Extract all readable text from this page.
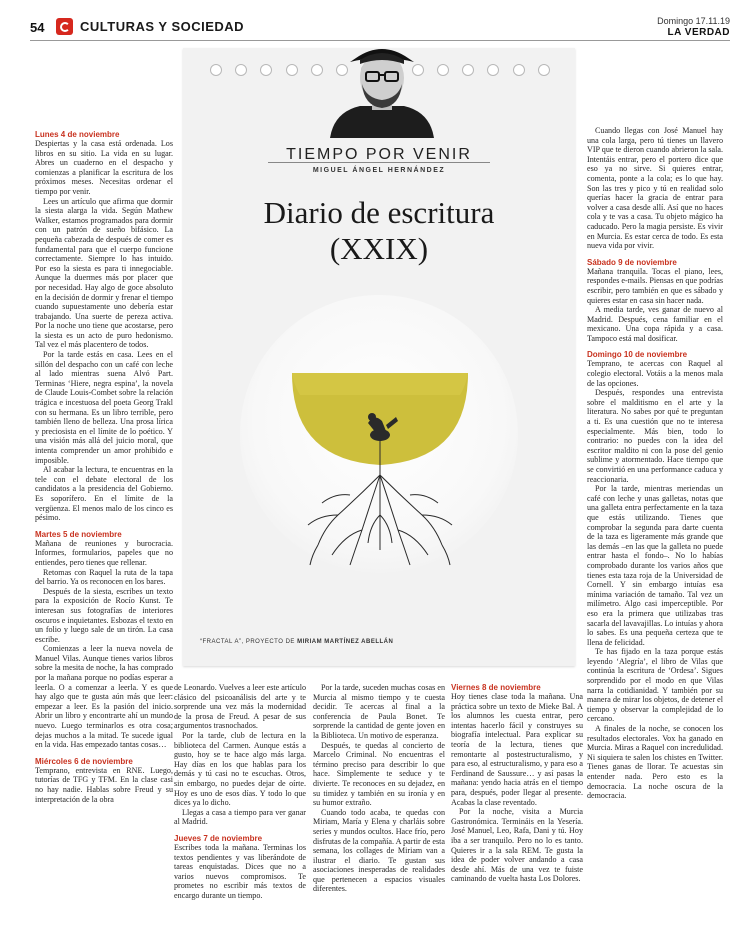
54	CULTURAS Y SOCIEDAD	Domingo 17.11.19
LA VERDAD
TIEMPO POR VENIR
MIGUEL ÁNGEL HERNÁNDEZ
Diario de escritura
(XXIX)
“FRACTAL A”, PROYECTO DE MIRIAM MARTÍNEZ ABELLÁN

Lunes 4 de noviembre

Despiertas y la casa está ordenada. Los libros en su sitio. La vida en su lugar. Abres un cuaderno en el despacho y comienzas a planificar la escritura de los próximos meses. Necesitas ordenar el tiempo por venir.

Lees un artículo que afirma que dormir la siesta alarga la vida. Según Mathew Walker, estamos programados para dormir con un patrón de sueño bifásico. La pequeña cabezada de después de comer es fundamental para que el cuerpo funcione correctamente. Siempre lo has intuido. Por eso la siesta es para ti innegociable. Aunque la duermes más por placer que por necesidad. Hay algo de goce absoluto en la decisión de dormir y frenar el tiempo cuando supuestamente uno debería estar trabajando. Una suerte de pereza activa. Por la noche uno tiene que acostarse, pero la siesta es un acto de puro hedonismo. Tal vez el más placentero de todos.

Por la tarde estás en casa. Lees en el sillón del despacho con un café con leche al lado mientras suena Alvó Part. Terminas ‘Hiere, negra espina’, la novela de Claude Louis-Combet sobre la relación trágica e incestuosa del poeta Georg Trakl con su hermana. Es un libro terrible, pero también lleno de belleza. Una prosa lírica y preciosista en el límite de lo poético. Y una visión más allá del juicio moral, que intenta comprender un amor prohibido e imposible.

Al acabar la lectura, te encuentras en la tele con el debate electoral de los candidatos a la presidencia del Gobierno. Es soporífero. En el límite de la vergüenza. El menos malo de los cinco es pésimo.

Martes 5 de noviembre

Mañana de reuniones y burocracia. Informes, formularios, papeles que no entiendes, pero tienes que rellenar.

Retomas con Raquel la ruta de la tapa del barrio. Ya os reconocen en los bares.

Después de la siesta, escribes un texto para la exposición de Rocío Kunst. Te interesan sus fotografías de interiores oscuros e inquietantes. Esbozas el texto en un folio y luego sale de un tirón. La casa escribe.

Comienzas a leer la nueva novela de Manuel Vilas. Aunque tienes varios libros sobre la mesita de noche, la has comprado por la mañana porque no podías esperar a leerla. O a comenzar a leerla. Y es que hay algo que te gusta aún más que leer: empezar a leer. Es la pasión del inicio. Abrir un libro y encontrarte ahí un mundo nuevo. Luego terminarlos es otra cosa; dejas muchos a la mitad. Te sucede igual en la vida. Has empezado tantas cosas…

Miércoles 6 de noviembre

Temprano, entrevista en RNE. Luego, tutorías de TFG y TFM. En la clase casi no hay nadie. Hablas sobre Freud y su interpretación de la obra

de Leonardo. Vuelves a leer este artículo clásico del psicoanálisis del arte y te sorprende una vez más la modernidad de la prosa de Freud. A pesar de sus argumentos trasnochados.

Por la tarde, club de lectura en la biblioteca del Carmen. Aunque estás a gusto, hoy se te hace algo más larga. Hay días en los que hablas para los demás y tú casi no te escuchas. Otros, sin embargo, no puedes dejar de oírte. Hoy es uno de esos días. Y todo lo que dices ya lo dicho.

Llegas a casa a tiempo para ver ganar al Madrid.

Jueves 7 de noviembre

Escribes toda la mañana. Terminas los textos pendientes y vas liberándote de tareas enquistadas. Dices que no a varios nuevos compromisos. Te prometes no escribir más textos de encargo durante un tiempo.

Por la tarde, suceden muchas cosas en Murcia al mismo tiempo y te cuesta decidir. Te acercas al final a la conferencia de Paula Bonet. Te sorprende la cantidad de gente joven en la Biblioteca. Un motivo de esperanza.

Después, te quedas al concierto de Marcelo Criminal. No encuentras el término preciso para describir lo que hace. Simplemente te seduce y te divierte. Te reconoces en su dejadez, en su timidez y también en su ironía y en su humor extraño.

Cuando todo acaba, te quedas con Miriam, María y Elena y charláis sobre series y mundos ocultos. Hace frío, pero disfrutas de la compañía. A partir de esta semana, los collages de Miriam van a ilustrar el diario. Te gustan sus asociaciones inesperadas de realidades que pertenecen a espacios visuales diferentes.

Viernes 8 de noviembre

Hoy tienes clase toda la mañana. Una práctica sobre un texto de Mieke Bal. A los alumnos les cuesta entrar, pero intentas hacerlo fácil y construyes su biografía intelectual. Para explicar su teoría de la lectura, tienes que remontarte al postestructuralismo, y para eso, al estructuralismo, y para eso a Ferdinand de Saussure… y así pasas la mañana: yendo hacia atrás en el tiempo para, después, poder llegar al presente. Acabas la clase reventado.

Por la noche, visita a Murcia Gastronómica. Termináis en la Yesería. José Manuel, Leo, Rafa, Dani y tú. Hoy iba a ser tranquilo. Pero no lo es tanto. Quieres ir a la sala REM. Te gusta la idea de poder volver andando a casa desde ahí. Más de una vez te fuiste caminando de vuelta hasta Los Dolores.

Cuando llegas con José Manuel hay una cola larga, pero tú tienes un llavero VIP que te dieron cuando abrieron la sala. Intentáis entrar, pero el portero dice que eso ya no sirve. Si quieres entrar, comenta, ponte a la cola; es lo que hay. Son las tres y pico y tú en realidad solo querías hacer la gracia de entrar para volver a casa desde allí. Así que no haces cola y te vas a casa. Tu objeto mágico ha caducado. Pero la magia persiste. Es vivir en Murcia. Es estar cerca de todo. Es esta nueva vida por vivir.

Sábado 9 de noviembre

Mañana tranquila. Tocas el piano, lees, respondes e-mails. Piensas en que podrías escribir, pero también en que es sábado y quieres estar en casa sin hacer nada.

A media tarde, ves ganar de nuevo al Madrid. Después, cena familiar en el mexicano. Una copa rápida y a casa. Tampoco está mal dosificar.

Domingo 10 de noviembre

Temprano, te acercas con Raquel al colegio electoral. Votáis a la menos mala de las opciones.

Después, respondes una entrevista sobre el malditismo en el arte y la literatura. No sabes por qué te preguntan a ti. Es una cuestión que no te interesa especialmente. Más bien, todo lo contrario: no puedes con la idea del escritor maldito ni con la pose del genio sublime y atormentado. Hace tiempo que se convirtió en una performance caduca y reaccionaria.

Por la tarde, mientras meriendas un café con leche y unas galletas, notas que una galleta entra perfectamente en la taza que estás utilizando. Tienes que comprobar la segunda para darte cuenta de la taza es ligeramente más grande que las demás –en las que la galleta no puede entrar hasta el fondo–. No lo habías comprobado durante los varios años que tienes esta taza roja de la Universidad de Cornell. Y sin embargo intuías esa mínima variación de tamaño. Tal vez un milímetro. Algo casi imperceptible. Por eso era la primera que utilizabas tras sacarla del lavavajillas. Lo intuías y ahora lo sabes. Es una pequeña certeza que te llena de felicidad.

Te has fijado en la taza porque estás leyendo ‘Alegría’, el libro de Vilas que continúa la escritura de ‘Ordesa’. Sigues sorprendido por el modo en que Vilas narra la cotidianidad. Y también por su manera de mirar los objetos, de detener el tiempo y observar la complejidad de lo cercano.

A finales de la noche, se conocen los resultados electorales. Vox ha ganado en Murcia. Miras a Raquel con incredulidad. Ni siquiera te salen los chistes en Twitter. Tienes ganas de llorar. Te acuestas sin entender nada. Pero esto es la democracia. La noche oscura de la democracia.
